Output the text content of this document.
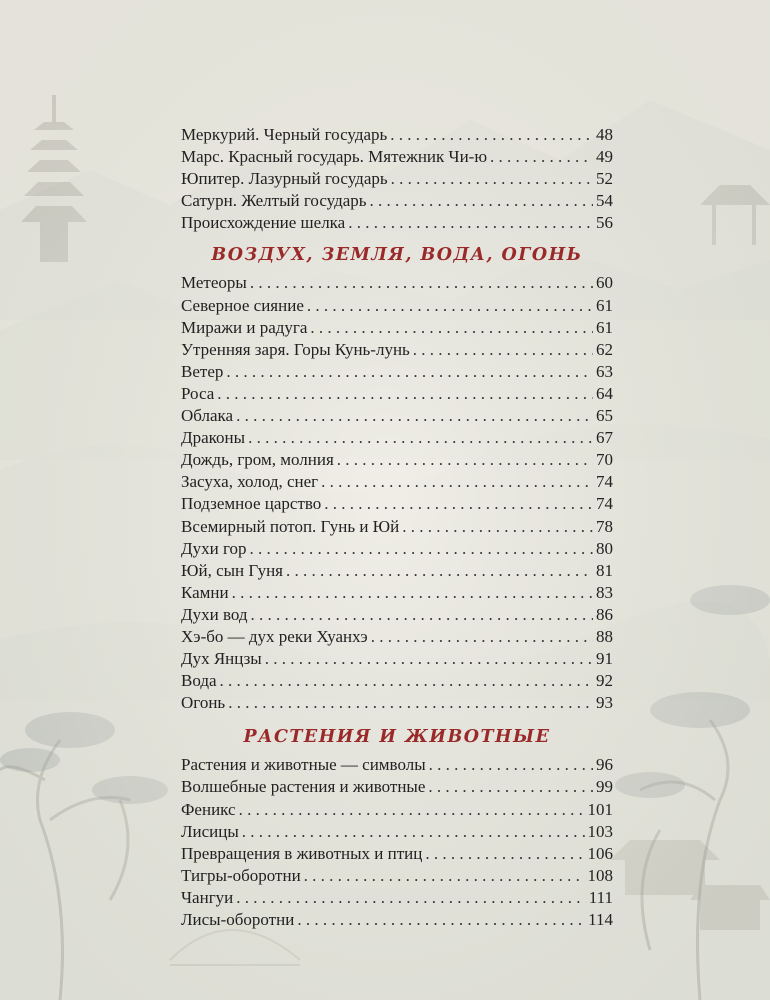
Меркурий. Черный государь . . .	48
Марс. Красный государь. Мятежник Чи-ю . . .	49
Юпитер. Лазурный государь . . .	52
Сатурн. Желтый государь . . .	54
Происхождение шелка . . .	56
ВОЗДУХ, ЗЕМЛЯ, ВОДА, ОГОНЬ
Метеоры . . .	60
Северное сияние . . .	61
Миражи и радуга . . .	61
Утренняя заря. Горы Кунь-лунь . . .	62
Ветер . . .	63
Роса . . .	64
Облака . . .	65
Драконы . . .	67
Дождь, гром, молния . . .	70
Засуха, холод, снег . . .	74
Подземное царство . . .	74
Всемирный потоп. Гунь и Юй . . .	78
Духи гор . . .	80
Юй, сын Гуня . . .	81
Камни . . .	83
Духи вод . . .	86
Хэ-бо — дух реки Хуанхэ . . .	88
Дух Янцзы . . .	91
Вода . . .	92
Огонь . . .	93
РАСТЕНИЯ И ЖИВОТНЫЕ
Растения и животные — символы . . .	96
Волшебные растения и животные . . .	99
Феникс . . .	101
Лисицы . . .	103
Превращения в животных и птиц . . .	106
Тигры-оборотни . . .	108
Чангуи . . .	111
Лисы-оборотни . . .	114
